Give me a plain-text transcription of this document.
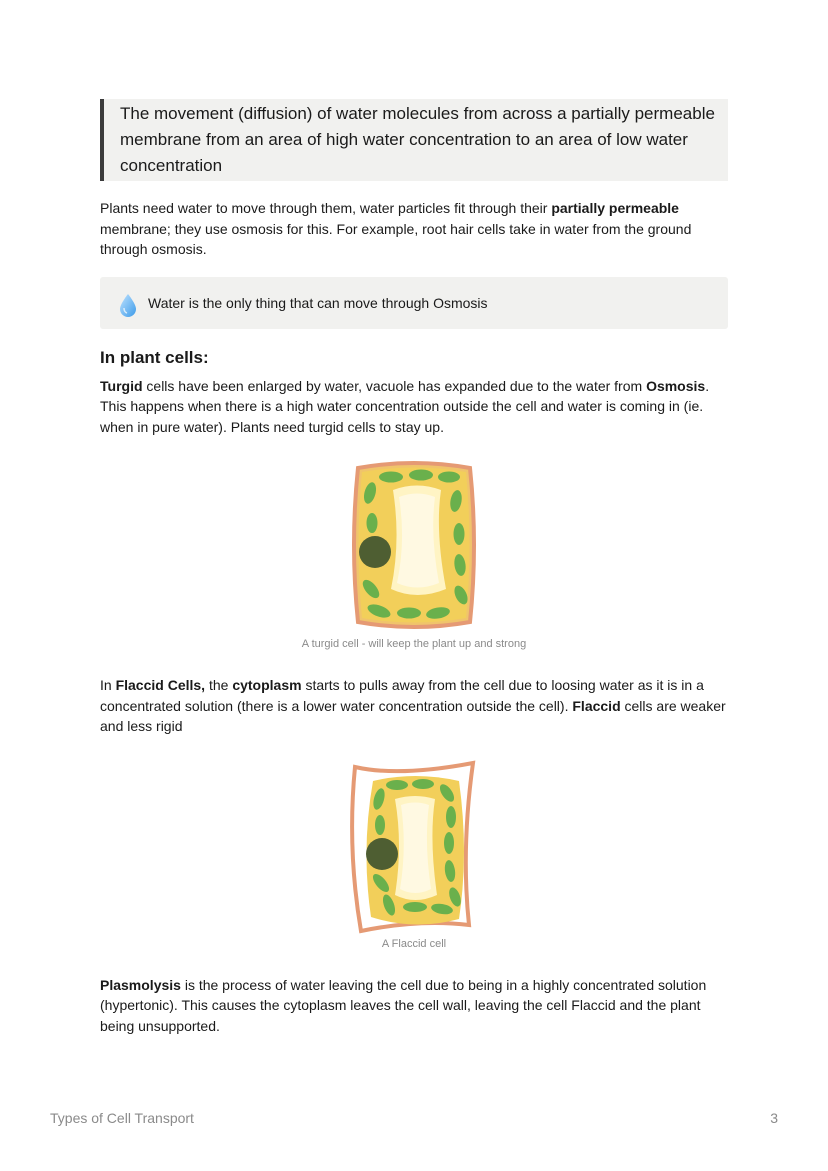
The movement (diffusion) of water molecules from across a partially permeable membrane from an area of high water concentration to an area of low water concentration

Plants need water to move through them, water particles fit through their partially permeable membrane; they use osmosis for this. For example, root hair cells take in water from the ground through osmosis.

Water is the only thing that can move through Osmosis
In plant cells:

Turgid cells have been enlarged by water, vacuole has expanded due to the water from Osmosis. This happens when there is a high water concentration outside the cell and water is coming in (ie. when in pure water). Plants need turgid cells to stay up.

A turgid cell - will keep the plant up and strong

In Flaccid Cells, the cytoplasm starts to pulls away from the cell due to loosing water as it is in a concentrated solution (there is a lower water concentration outside the cell). Flaccid cells are weaker and less rigid

A Flaccid cell

Plasmolysis is the process of water leaving the cell due to being in a highly concentrated solution (hypertonic). This causes the cytoplasm leaves the cell wall, leaving the cell Flaccid and the plant being unsupported.

Types of Cell Transport	3
